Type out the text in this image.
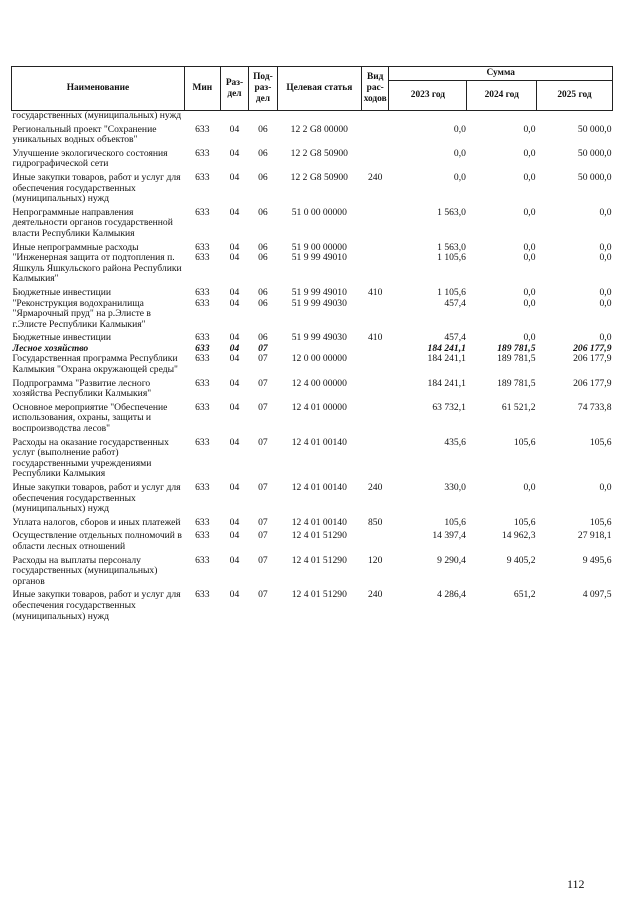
Наименование	Мин	Раз-дел	Под-раз-дел	Целевая статья	Вид рас-ходов	Сумма		
						2023 год	2024 год	2025 год
государственных (муниципальных) нужд								
Региональный проект "Сохранение уникальных водных объектов"	633	04	06	12 2 G8 00000		0,0	0,0	50 000,0
Улучшение экологического состояния гидрографической сети	633	04	06	12 2 G8 50900		0,0	0,0	50 000,0
Иные закупки товаров, работ и услуг для обеспечения государственных (муниципальных) нужд	633	04	06	12 2 G8 50900	240	0,0	0,0	50 000,0
Непрограммные направления деятельности органов государственной власти Республики Калмыкия	633	04	06	51 0 00 00000		1 563,0	0,0	0,0
Иные непрограммные расходы	633	04	06	51 9 00 00000		1 563,0	0,0	0,0
"Инженерная защита от подтопления п. Яшкуль Яшкульского района Республики Калмыкия"	633	04	06	51 9 99 49010		1 105,6	0,0	0,0
Бюджетные инвестиции	633	04	06	51 9 99 49010	410	1 105,6	0,0	0,0
"Реконструкция водохранилища "Ярмарочный пруд" на р.Элисте в г.Элисте Республики Калмыкия"	633	04	06	51 9 99 49030		457,4	0,0	0,0
Бюджетные инвестиции	633	04	06	51 9 99 49030	410	457,4	0,0	0,0
Лесное хозяйство	633	04	07			184 241,1	189 781,5	206 177,9
Государственная программа Республики Калмыкия "Охрана окружающей среды"	633	04	07	12 0 00 00000		184 241,1	189 781,5	206 177,9
Подпрограмма "Развитие лесного хозяйства Республики Калмыкия"	633	04	07	12 4 00 00000		184 241,1	189 781,5	206 177,9
Основное мероприятие "Обеспечение использования, охраны, защиты и воспроизводства лесов"	633	04	07	12 4 01 00000		63 732,1	61 521,2	74 733,8
Расходы на оказание государственных услуг (выполнение работ) государственными учреждениями Республики Калмыкия	633	04	07	12 4 01 00140		435,6	105,6	105,6
Иные закупки товаров, работ и услуг для обеспечения государственных (муниципальных) нужд	633	04	07	12 4 01 00140	240	330,0	0,0	0,0
Уплата налогов, сборов и иных платежей	633	04	07	12 4 01 00140	850	105,6	105,6	105,6
Осуществление отдельных полномочий в области лесных отношений	633	04	07	12 4 01 51290		14 397,4	14 962,3	27 918,1
Расходы на выплаты персоналу государственных (муниципальных) органов	633	04	07	12 4 01 51290	120	9 290,4	9 405,2	9 495,6
Иные закупки товаров, работ и услуг для обеспечения государственных (муниципальных) нужд	633	04	07	12 4 01 51290	240	4 286,4	651,2	4 097,5
112
